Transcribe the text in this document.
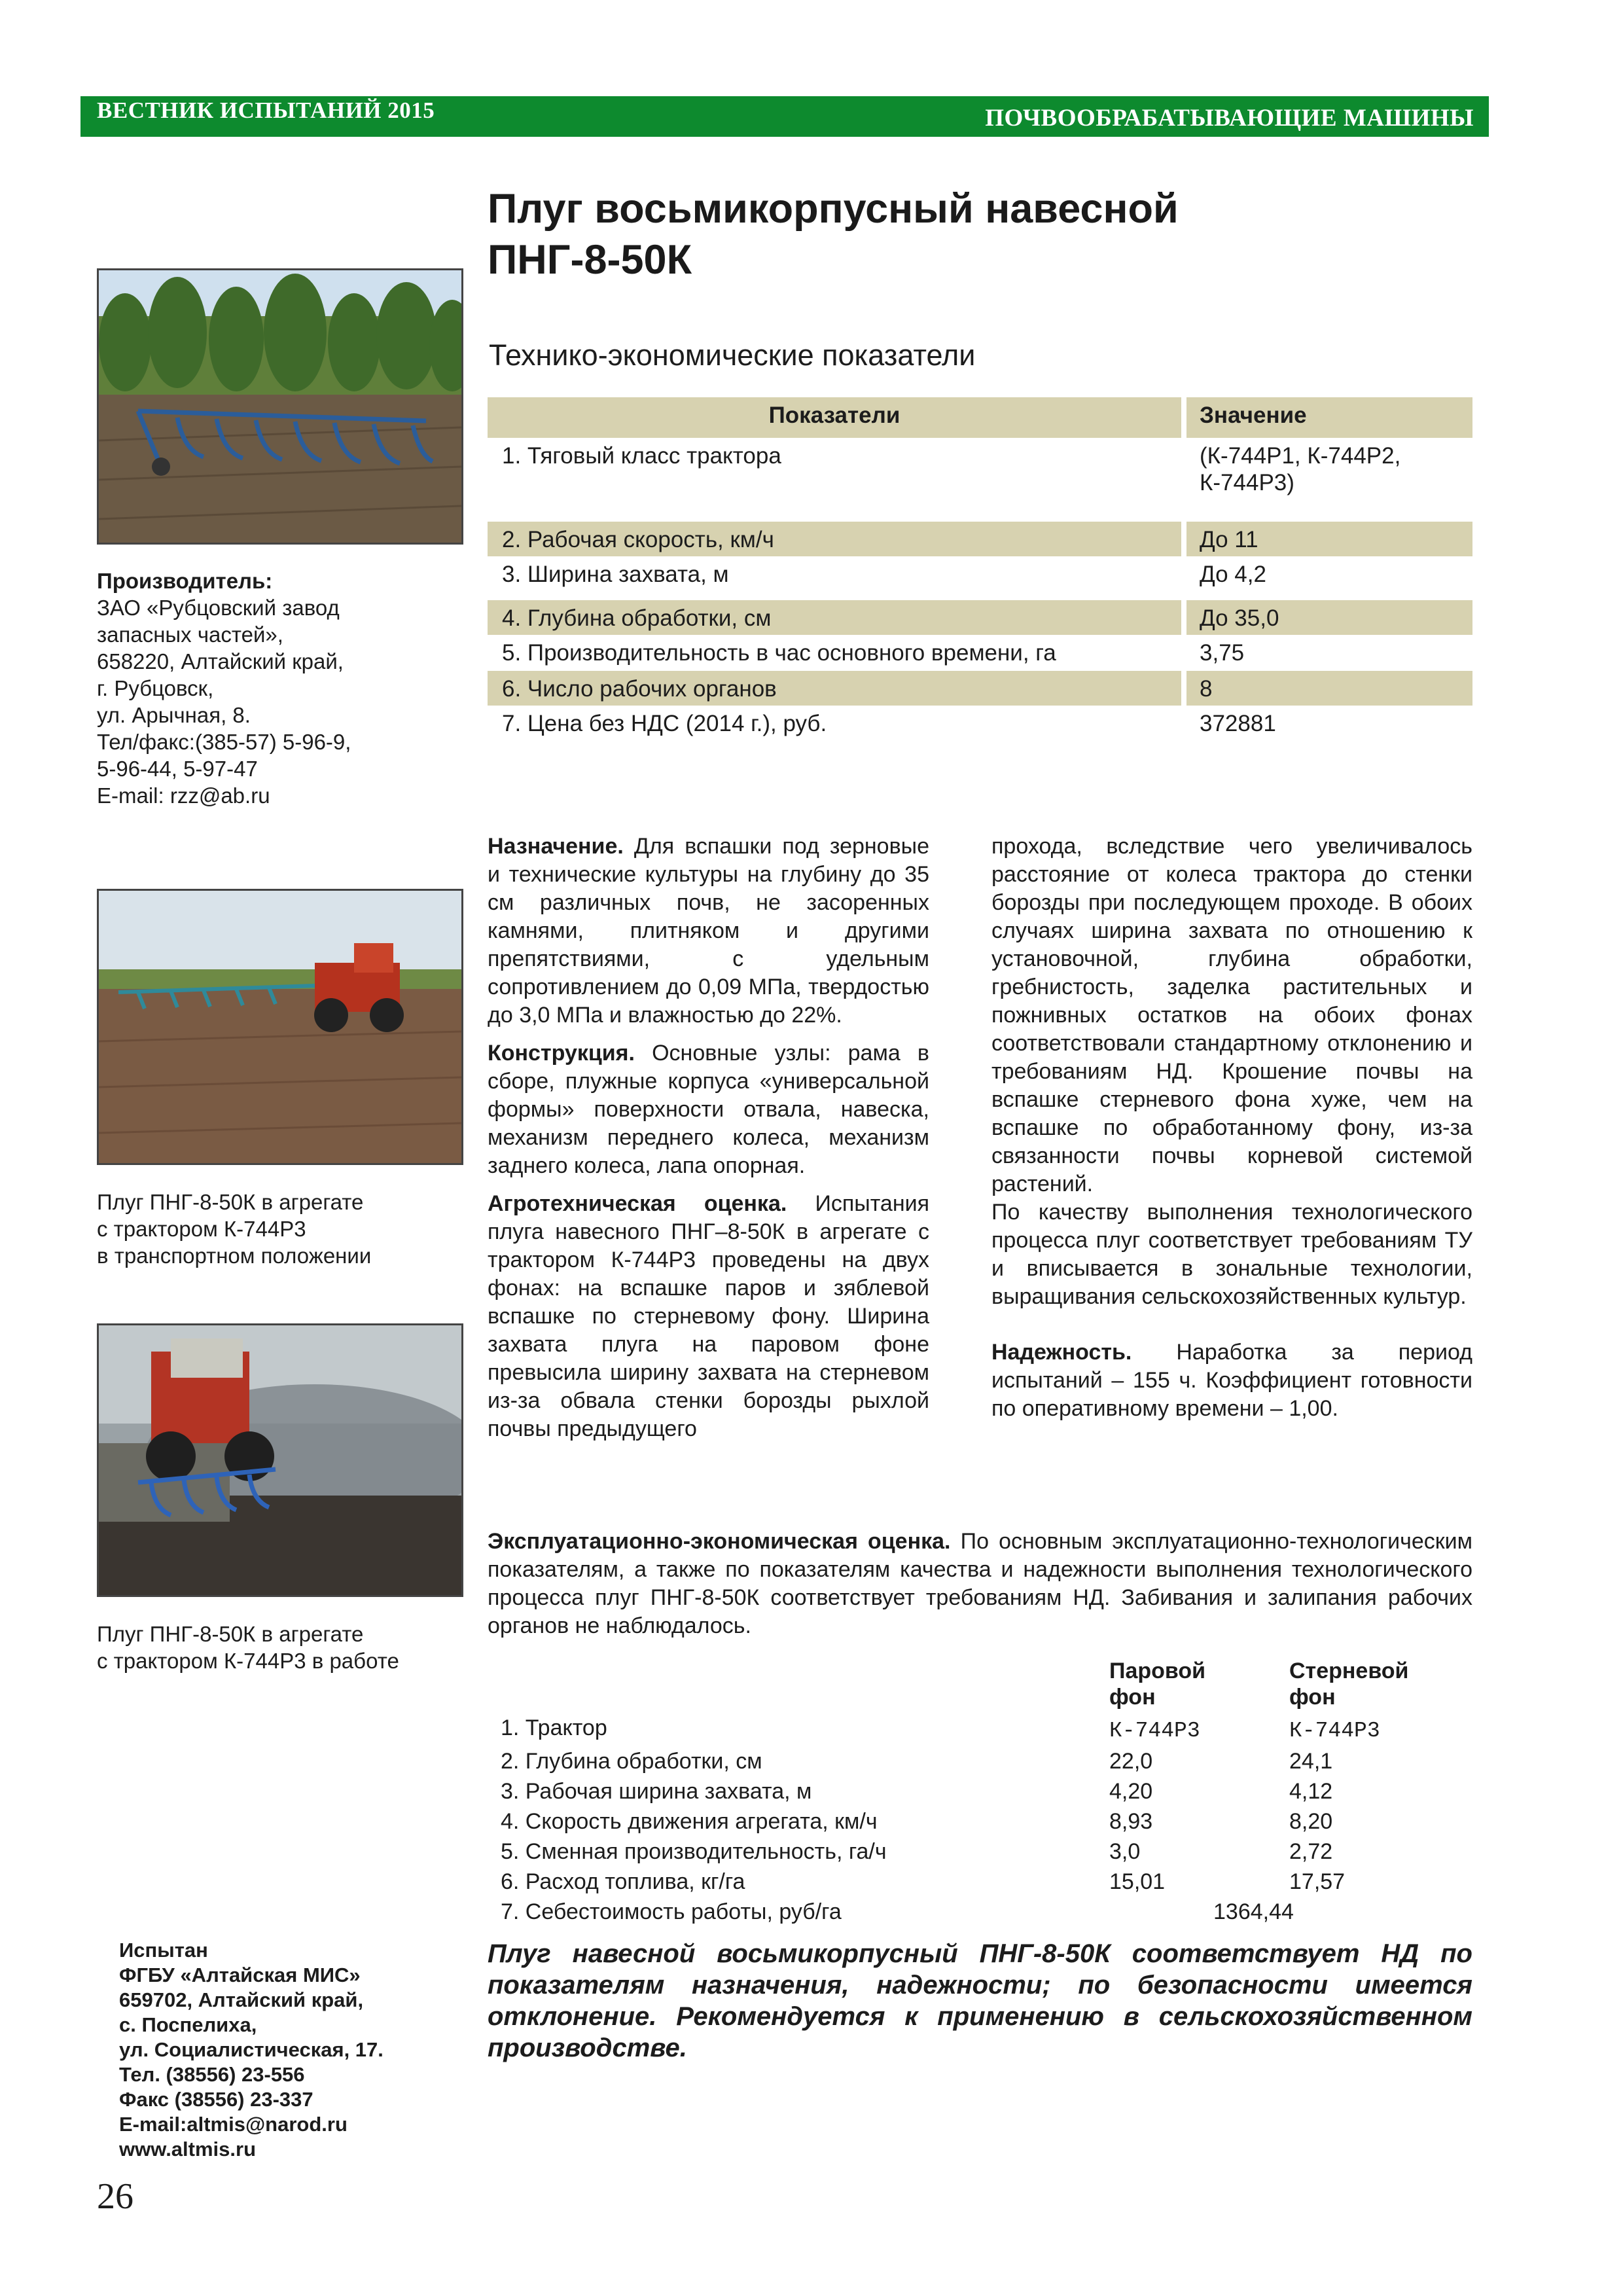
ВЕСТНИК ИСПЫТАНИЙ 2015	ПОЧВООБРАБАТЫВАЮЩИЕ МАШИНЫ
Плуг восьмикорпусный навесной
ПНГ-8-50К
Технико-экономические показатели
Производитель:
ЗАО «Рубцовский завод
запасных частей»,
658220, Алтайский край,
г. Рубцовск,
ул. Арычная, 8.
Тел/факс:(385-57) 5-96-9,
5-96-44, 5-97-47
E-mail: rzz@ab.ru
Плуг ПНГ-8-50К в агрегате
с трактором К-744Р3
в транспортном положении
Плуг ПНГ-8-50К в агрегате
с трактором К-744Р3 в работе
Испытан
ФГБУ «Алтайская МИС»
659702, Алтайский край,
с. Поспелиха,
ул. Социалистическая, 17.
Тел. (38556) 23-556
Факс (38556) 23-337
E-mail:altmis@narod.ru
www.altmis.ru
26
Показатели	Значение
1. Тяговый класс трактора	(К-744Р1, К-744Р2,
К-744Р3)
2. Рабочая скорость, км/ч	До 11
3. Ширина захвата, м	До 4,2
4. Глубина обработки, см	До 35,0
5. Производительность в час основного времени, га	3,75
6. Число рабочих органов	8
7. Цена без НДС (2014 г.), руб.	372881

Назначение. Для вспашки под зерновые и технические культуры на глубину до 35 см различных почв, не засоренных камнями, плитняком и другими препятствиями, с удельным сопротивлением до 0,09 МПа, твердостью до 3,0 МПа и влажностью до 22%.

Конструкция. Основные узлы: рама в сборе, плужные корпуса «универсальной формы» поверхности отвала, навеска, механизм переднего колеса, механизм заднего колеса, лапа опорная.

Агротехническая оценка. Испытания плуга навесного ПНГ–8-50К в агрегате с трактором К-744Р3 проведены на двух фонах: на вспашке паров и зяблевой вспашке по стерневому фону. Ширина захвата плуга на паровом фоне превысила ширину захвата на стерневом из-за обвала стенки борозды рыхлой почвы предыдущего

прохода, вследствие чего увеличивалось расстояние от колеса трактора до стенки борозды при последующем проходе. В обоих случаях ширина захвата по отношению к установочной, глубина обработки, гребнистость, заделка растительных и пожнивных остатков на обоих фонах соответствовали стандартному отклонению и требованиям НД. Крошение почвы на вспашке стерневого фона хуже, чем на вспашке по обработанному фону, из-за связанности почвы корневой системой растений.

По качеству выполнения технологического процесса плуг соответствует требованиям ТУ и вписывается в зональные технологии, выращивания сельскохозяйственных культур.

Надежность. Наработка за период испытаний – 155 ч. Коэффициент готовности по оперативному времени – 1,00.

Эксплуатационно-экономическая оценка. По основным эксплуатационно-технологическим показателям, а также по показателям качества и надежности выполнения технологического процесса плуг ПНГ-8-50К соответствует требованиям НД. Забивания и залипания рабочих органов не наблюдалось.

Паровой
фон
Стерневой
фон
1. Трактор	К-744Р3	К-744Р3
2. Глубина обработки, см	22,0	24,1
3. Рабочая ширина захвата, м	4,20	4,12
4. Скорость движения агрегата, км/ч	8,93	8,20
5. Сменная производительность, га/ч	3,0	2,72
6. Расход топлива, кг/га	15,01	17,57
7. Себестоимость работы, руб/га	1364,44
Плуг навесной восьмикорпусный ПНГ-8-50К соответствует НД по показателям назначения, надежности; по безопасности имеется отклонение. Рекомендуется к применению в сельскохозяйственном производстве.
